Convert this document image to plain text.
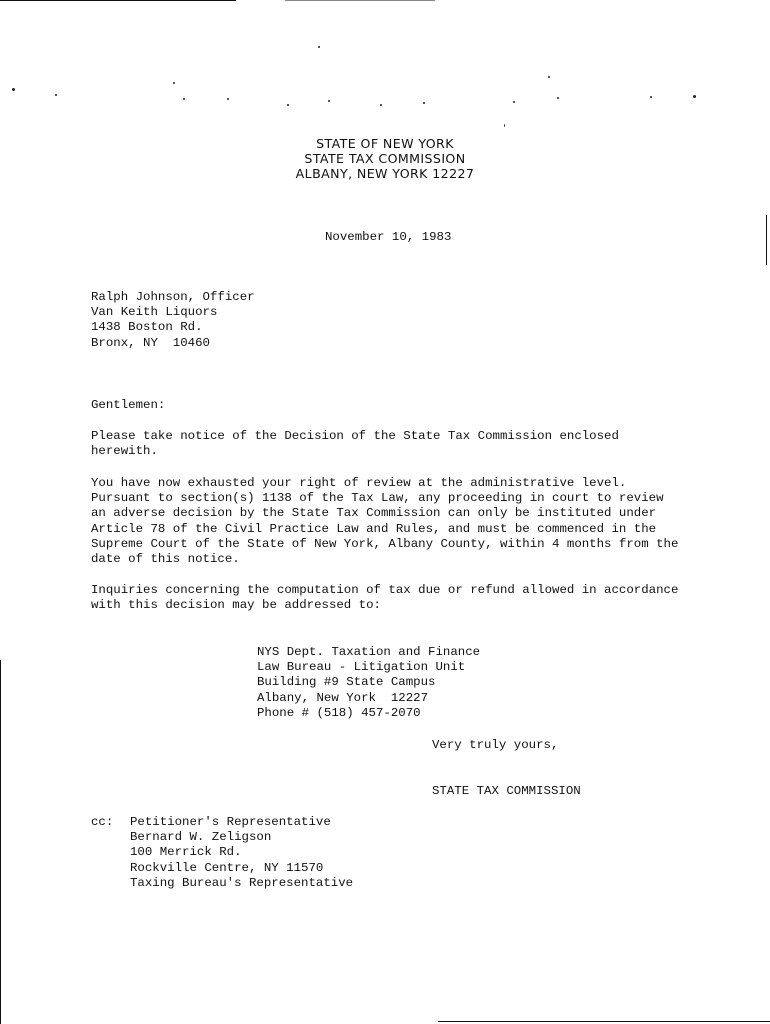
STATE OF NEW YORK
STATE TAX COMMISSION
ALBANY, NEW YORK 12227
November 10, 1983
Ralph Johnson, Officer
Van Keith Liquors
1438 Boston Rd.
Bronx, NY  10460
Gentlemen:
Please take notice of the Decision of the State Tax Commission enclosed
herewith.
You have now exhausted your right of review at the administrative level.
Pursuant to section(s) 1138 of the Tax Law, any proceeding in court to review
an adverse decision by the State Tax Commission can only be instituted under
Article 78 of the Civil Practice Law and Rules, and must be commenced in the
Supreme Court of the State of New York, Albany County, within 4 months from the
date of this notice.
Inquiries concerning the computation of tax due or refund allowed in accordance
with this decision may be addressed to:
NYS Dept. Taxation and Finance
Law Bureau - Litigation Unit
Building #9 State Campus
Albany, New York  12227
Phone # (518) 457-2070
Very truly yours,
STATE TAX COMMISSION
cc: Petitioner's Representative
Bernard W. Zeligson
100 Merrick Rd.
Rockville Centre, NY 11570
Taxing Bureau's Representative
